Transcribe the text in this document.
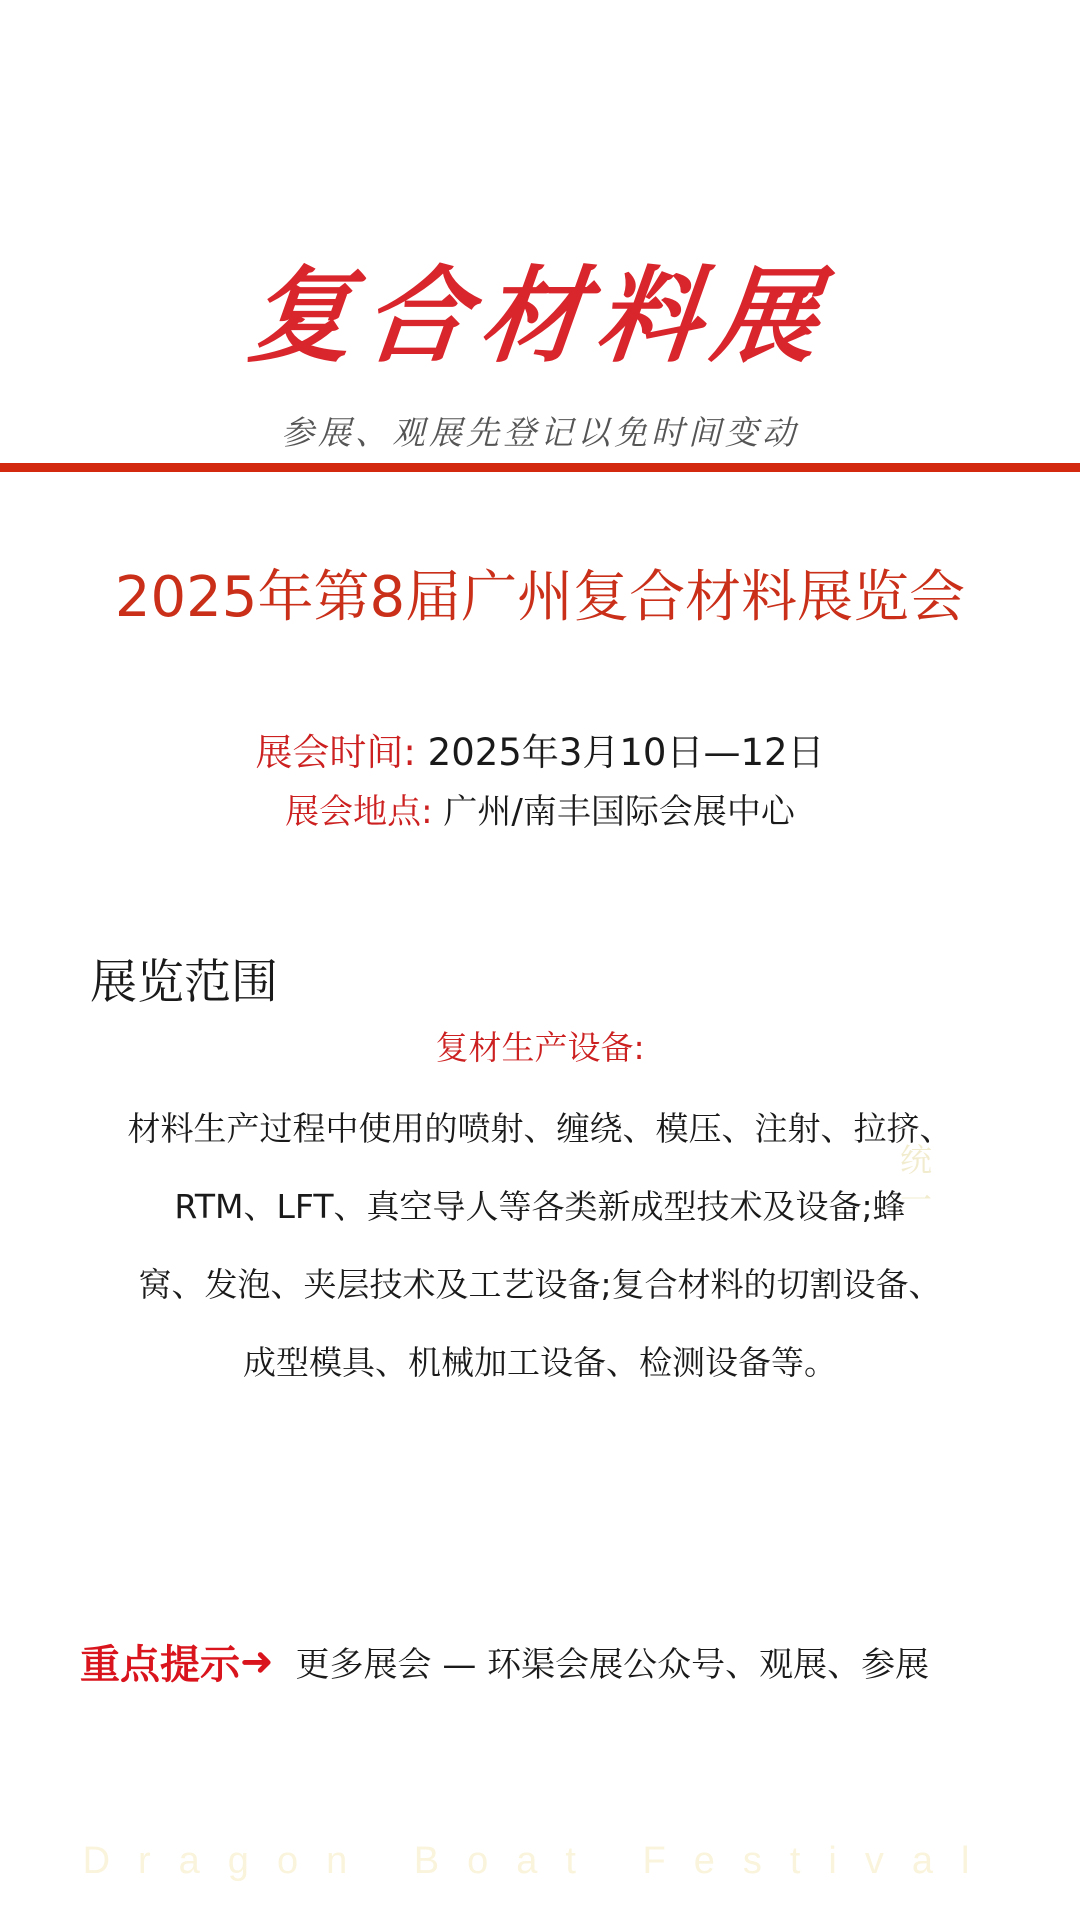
复合材料展
参展、观展先登记以免时间变动
2025年第8届广州复合材料展览会
展会时间: 2025年3月10日—12日
展会地点: 广州/南丰国际会展中心
展览范围
复材生产设备:
材料生产过程中使用的喷射、缠绕、模压、注射、拉挤、
RTM、LFT、真空导人等各类新成型技术及设备;蜂
窝、发泡、夹层技术及工艺设备;复合材料的切割设备、
成型模具、机械加工设备、检测设备等。
统一
重点提示 ➜ 更多展会 — 环渠会展公众号、观展、参展
Dragon Boat Festival
